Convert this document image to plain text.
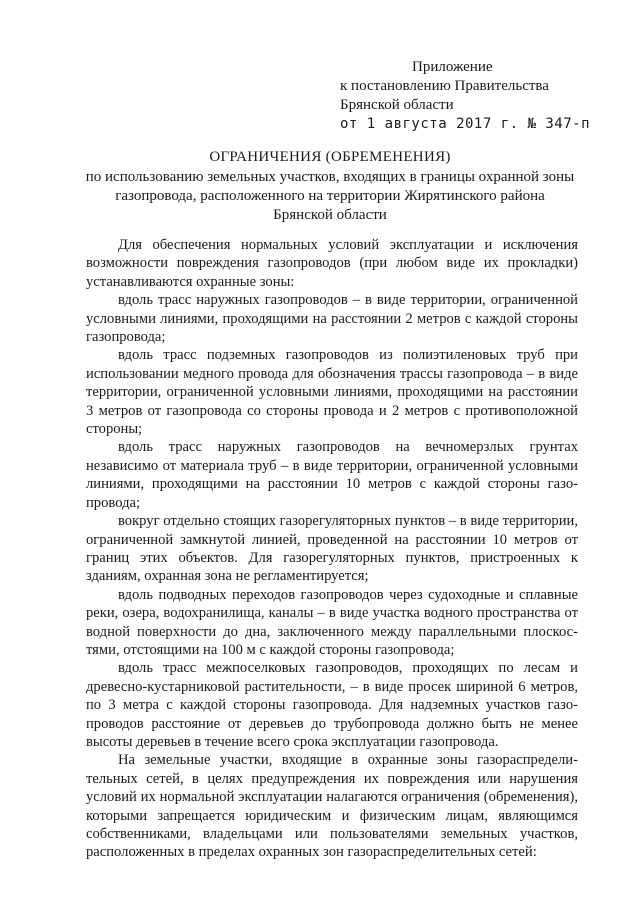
Приложение
к постановлению Правительства
Брянской области
от 1 августа 2017 г. № 347-п
ОГРАНИЧЕНИЯ (ОБРЕМЕНЕНИЯ)
по использованию земельных участков, входящих в границы охранной зоны
газопровода, расположенного на территории Жирятинского района
Брянской области

Для обеспечения нормальных условий эксплуатации и исключения возможности повреждения газопроводов (при любом виде их прокладки) устанавливаются охранные зоны:

вдоль трасс наружных газопроводов – в виде территории, ограниченной условными линиями, проходящими на расстоянии 2 метров с каждой стороны газопровода;

вдоль трасс подземных газопроводов из полиэтиленовых труб при использовании медного провода для обозначения трассы газопровода – в виде территории, ограниченной условными линиями, проходящими на расстоянии 3 метров от газопровода со стороны провода и 2 метров с противоположной стороны;

вдоль трасс наружных газопроводов на вечномерзлых грунтах независимо от материала труб – в виде территории, ограниченной условными линиями, проходящими на расстоянии 10 метров с каждой стороны газопровода;

вокруг отдельно стоящих газорегуляторных пунктов – в виде территории, ограниченной замкнутой линией, проведенной на расстоянии 10 метров от границ этих объектов. Для газорегуляторных пунктов, пристроенных к зданиям, охранная зона не регламентируется;

вдоль подводных переходов газопроводов через судоходные и сплавные реки, озера, водохранилища, каналы – в виде участка водного пространства от водной поверхности до дна, заключенного между параллельными плоскостями, отстоящими на 100 м с каждой стороны газопровода;

вдоль трасс межпоселковых газопроводов, проходящих по лесам и древесно-кустарниковой растительности, – в виде просек шириной 6 метров, по 3 метра с каждой стороны газопровода. Для надземных участков газопроводов расстояние от деревьев до трубопровода должно быть не менее высоты деревьев в течение всего срока эксплуатации газопровода.

На земельные участки, входящие в охранные зоны газораспределительных сетей, в целях предупреждения их повреждения или нарушения условий их нормальной эксплуатации налагаются ограничения (обременения), которыми запрещается юридическим и физическим лицам, являющимся собственниками, владельцами или пользователями земельных участков, расположенных в пределах охранных зон газораспределительных сетей:
